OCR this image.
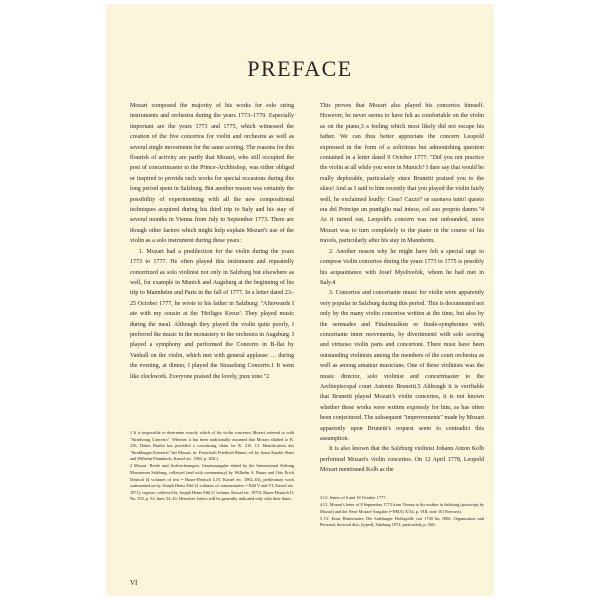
PREFACE

Mozart composed the majority of his works for solo string instruments and orchestra during the years 1773–1779. Especially important are the years 1773 and 1775, which witnessed the creation of the five concertos for violin and orchestra as well as several single movements for the same scoring. The reasons for this flourish of activity are partly that Mozart, who still occupied the post of concertmaster to the Prince-Archbishop, was either obliged or inspired to provide such works for special occasions during this long period spent in Salzburg. But another reason was certainly the possibility of experimenting with all the new compositional techniques acquired during his third trip to Italy and his stay of several months in Vienna from July to September 1773. There are though other factors which might help explain Mozart's use of the violin as a solo instrument during these years:

1. Mozart had a predilection for the violin during the years 1773 to 1777. He often played this instrument and repeatedly concertized as solo violinist not only in Salzburg but elsewhere as well, for example in Munich and Augsburg at the beginning of his trip to Mannheim and Paris in the fall of 1777. In a letter dated 23–25 October 1777, he wrote to his father in Salzburg: "Afterwards I ate with my cousin at the 'Heiliges Kreuz'. They played music during the meal. Although they played the violin quite poorly, I preferred the music in the monastery to the orchestra in Augsburg. I played a symphony and performed the Concerto in B-flat by Vanhall on the violin, which met with general applause … during the evening, at dinner, I played the Strassburg Concerto.1 It went like clockwork. Everyone praised the lovely, pure tone."2

This proves that Mozart also played his concertos himself. However, he never seems to have felt as comfortable on the violin as on the piano,3 a feeling which most likely did not escape his father. We can thus better appreciate the concern Leopold expressed in the form of a solicitous but admonishing question contained in a letter dated 9 October 1777: "Did you not practice the violin at all while you were in Munich? I dare say that would be really deplorable, particularly since Brunetti praised you to the skies! And as I said to him recently that you played the violin fairly well, he exclaimed loudly: Cosa? Cazzo? se suonava tutto! questo era del Principe un puntiglio mal inteso, col suo proprio danno."4 As it turned out, Leopold's concern was not unfounded, since Mozart was to turn completely to the piano in the course of his travels, particularly after his stay in Mannheim.

2. Another reason why he might have felt a special urge to compose violin concertos during the years 1773 to 1775 is possibly his acquaintance with Josef Mysliveček, whom he had met in Italy.4

3. Concertos and concertante music for violin were apparently very popular in Salzburg during this period. This is documented not only by the many violin concertos written at the time, but also by the serenades and Finalmusiken or finale-symphonies with concertante inner movements, by divertimenti with solo scoring and virtuoso violin parts and concertoni. There must have been outstanding violinists among the members of the court orchestra as well as among amateur musicians. One of these violinists was the music director, solo violinist and concertmaster to the Archiepiscopal court Antonio Brunetti.5 Although it is verifiable that Brunetti played Mozart's violin concertos, it is not known whether these works were written expressly for him, as has often been conjectured. The subsequent "improvements" made by Mozart apparently upon Brunetti's request seem to contradict this assumption.

It is also known that the Salzburg violinist Johann Anton Kolb performed Mozart's violin concertos. On 12 April 1778, Leopold Mozart mentioned Kolb as the

1 It is impossible to determine exactly which of his violin concertos Mozart referred to with "Strasbourg Concerto". Whereas it has been traditionally assumed that Mozart alluded to K. 216, Dénes Bartha has provided a convincing claim for K. 216. Cf. Identification des "Straßburger Konzerts" bei Mozart, in: Festschrift Friedrich Blume, ed. by Anna Amalie Abert and Wilhelm Pfannkuch, Kassel etc. 1963, p. 30ff.).

2 Mozart. Briefe und Aufzeichnungen, Gesamtausgabe edited by the International Stiftung Mozarteum Salzburg, collected (and with commentary) by Wilhelm A. Bauer and Otto Erich Deutsch (4 volumes of text = Bauer-Deutsch I–IV, Kassel etc. 1962–63), preliminary work commented on by Joseph Heinz Eibl (2 volumes of commentaries = Eibl V and VI, Kassel etc. 1971), register, collected by Joseph Heinz Eibl (1 volume, Kassel etc. 1975): Bauer-Deutsch II, No. 355, p. 92, lines 34–43. Hereafter, letters will be generally indicated only with their dates.	3 Cf. letters of 6 and 18 October 1777.

4 Cf. Mozart's letter of 8 September 1773 from Vienna to his mother in Salzburg (postscript by Mozart) and the Neue Mozart-Ausgabe (=NMA) X/34, p. VIII, note 10 (Nowsert).

5 Cf. Ernst Hintermaier, Die Salzburger Hofkapelle von 1700 bis 1806. Organisation und Personal, doctoral diss. (typed), Salzburg 1972, particularly p. 56ff.

VI
